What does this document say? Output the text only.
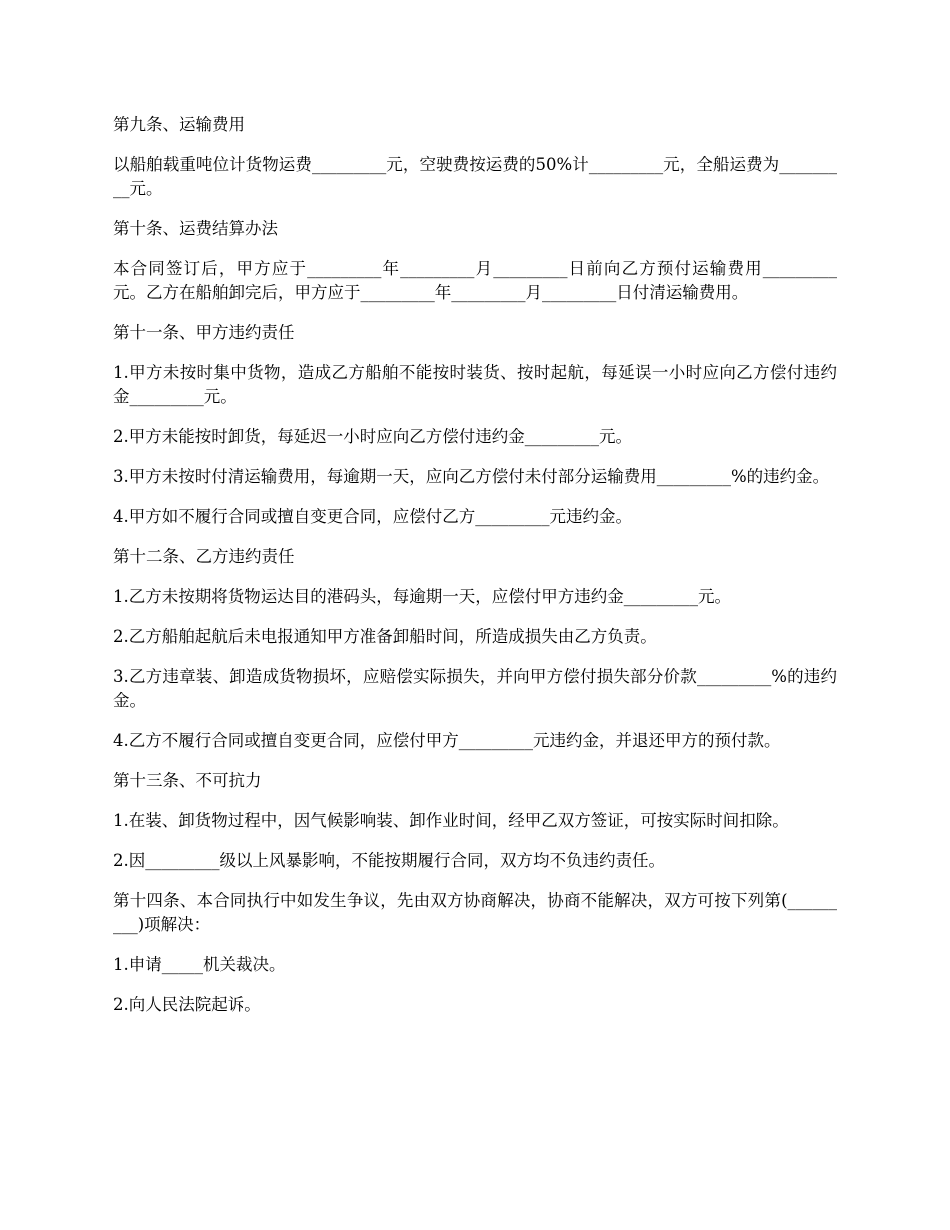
第九条、运输费用

以船舶载重吨位计货物运费_________元，空驶费按运费的50%计_________元，全船运费为_________元。

第十条、运费结算办法

本合同签订后，甲方应于_________年_________月_________日前向乙方预付运输费用_________元。乙方在船舶卸完后，甲方应于_________年_________月_________日付清运输费用。

第十一条、甲方违约责任

1.甲方未按时集中货物，造成乙方船舶不能按时装货、按时起航，每延误一小时应向乙方偿付违约金_________元。

2.甲方未能按时卸货，每延迟一小时应向乙方偿付违约金_________元。

3.甲方未按时付清运输费用，每逾期一天，应向乙方偿付未付部分运输费用_________%的违约金。

4.甲方如不履行合同或擅自变更合同，应偿付乙方_________元违约金。

第十二条、乙方违约责任

1.乙方未按期将货物运达目的港码头，每逾期一天，应偿付甲方违约金_________元。

2.乙方船舶起航后未电报通知甲方准备卸船时间，所造成损失由乙方负责。

3.乙方违章装、卸造成货物损坏，应赔偿实际损失，并向甲方偿付损失部分价款_________%的违约金。

4.乙方不履行合同或擅自变更合同，应偿付甲方_________元违约金，并退还甲方的预付款。

第十三条、不可抗力

1.在装、卸货物过程中，因气候影响装、卸作业时间，经甲乙双方签证，可按实际时间扣除。

2.因_________级以上风暴影响，不能按期履行合同，双方均不负违约责任。

第十四条、本合同执行中如发生争议，先由双方协商解决，协商不能解决，双方可按下列第(_________)项解决：

1.申请_____机关裁决。

2.向人民法院起诉。
